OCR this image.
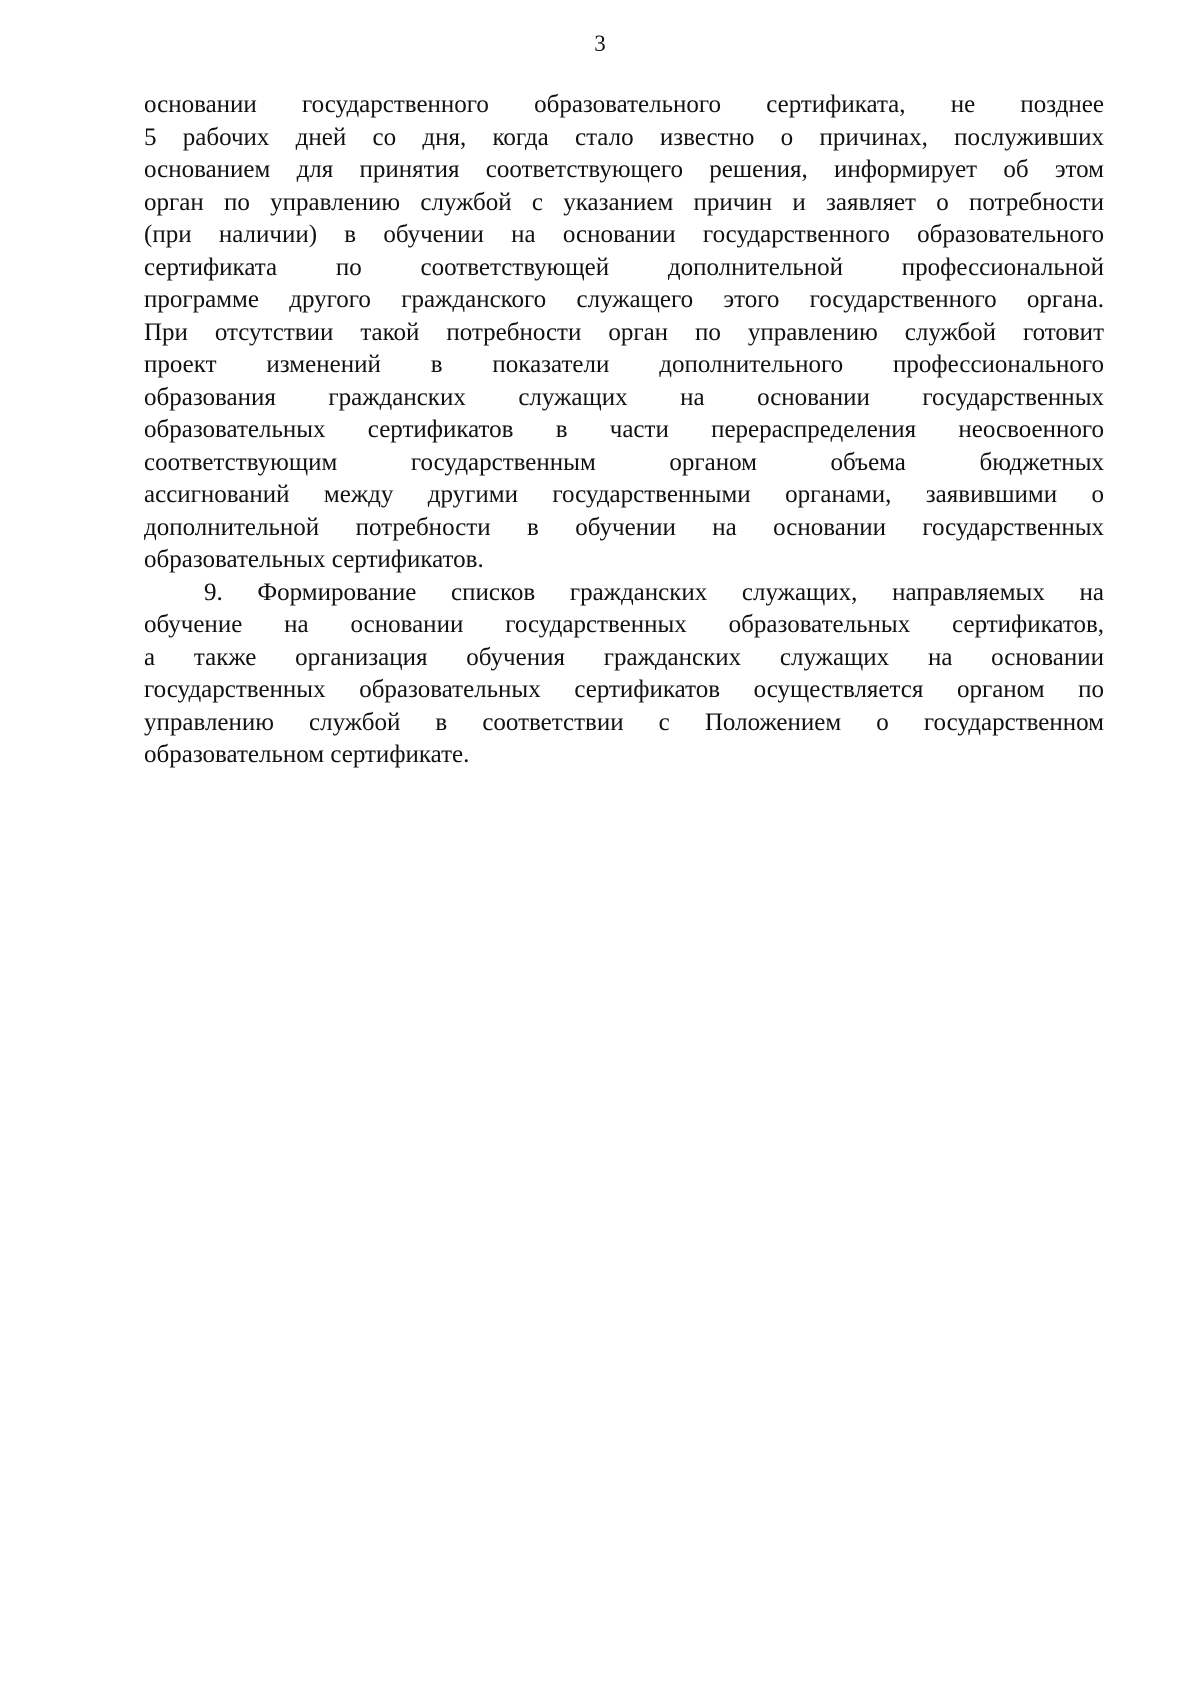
3

основании государственного образовательного сертификата, не позднее
5 рабочих дней со дня, когда стало известно о причинах, послуживших
основанием для принятия соответствующего решения, информирует об этом
орган по управлению службой с указанием причин и заявляет о потребности
(при наличии) в обучении на основании государственного образовательного
сертификата по соответствующей дополнительной профессиональной
программе другого гражданского служащего этого государственного органа.
При отсутствии такой потребности орган по управлению службой готовит
проект изменений в показатели дополнительного профессионального
образования гражданских служащих на основании государственных
образовательных сертификатов в части перераспределения неосвоенного
соответствующим государственным органом объема бюджетных
ассигнований между другими государственными органами, заявившими о
дополнительной потребности в обучении на основании государственных
образовательных сертификатов.

9. Формирование списков гражданских служащих, направляемых на
обучение на основании государственных образовательных сертификатов,
а также организация обучения гражданских служащих на основании
государственных образовательных сертификатов осуществляется органом по
управлению службой в соответствии с Положением о государственном
образовательном сертификате.
